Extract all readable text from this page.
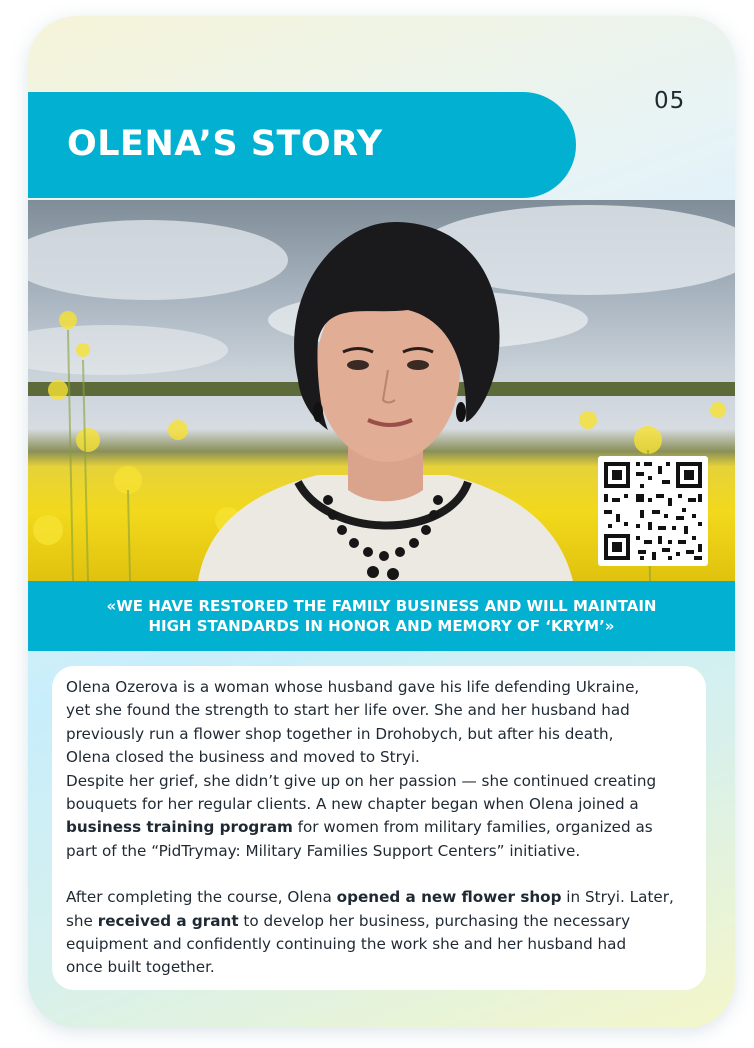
OLENA’S STORY
05
«WE HAVE RESTORED THE FAMILY BUSINESS AND WILL MAINTAIN
HIGH STANDARDS IN HONOR AND MEMORY OF ‘KRYM’»

Olena Ozerova is a woman whose husband gave his life defending Ukraine,

yet she found the strength to start her life over. She and her husband had

previously run a flower shop together in Drohobych, but after his death,

Olena closed the business and moved to Stryi.

Despite her grief, she didn’t give up on her passion — she continued creating

bouquets for her regular clients. A new chapter began when Olena joined a

business training program for women from military families, organized as

part of the “PidTrymay: Military Families Support Centers” initiative.

After completing the course, Olena opened a new flower shop in Stryi. Later,

she received a grant to develop her business, purchasing the necessary

equipment and confidently continuing the work she and her husband had

once built together.
